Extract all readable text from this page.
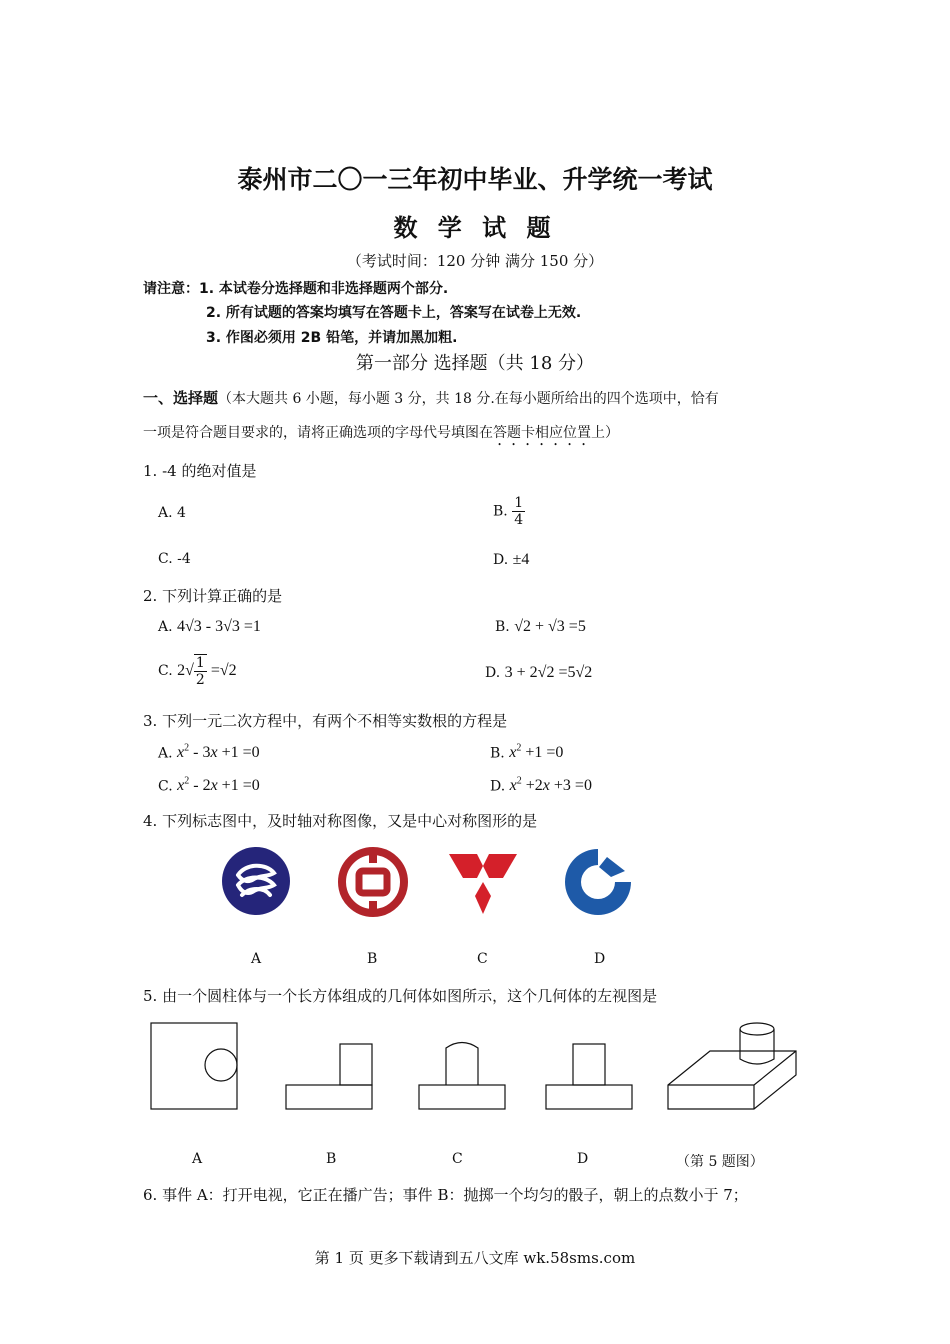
泰州市二〇一三年初中毕业、升学统一考试
数 学 试 题
（考试时间：120 分钟 满分 150 分）
请注意：1. 本试卷分选择题和非选择题两个部分.
2. 所有试题的答案均填写在答题卡上，答案写在试卷上无效.
3. 作图必须用 2B 铅笔，并请加黑加粗.
第一部分 选择题（共 18 分）
一、选择题（本大题共 6 小题，每小题 3 分，共 18 分.在每小题所给出的四个选项中，恰有
一项是符合题目要求的，请将正确选项的字母代号填图在答题卡相应位置上）
1. -4 的绝对值是
A. 4	B. $\frac{1}{4}$
C. -4	D. ±4
2. 下列计算正确的是
A. 4√3 - 3√3 =1	B. √2 + √3 =5
C. $2√ \frac{1}{2} =√2$	D. 3 + 2√2 =5√2
3. 下列一元二次方程中，有两个不相等实数根的方程是
A. $x^2 - 3x +1 =0$	B. $x^2 +1 =0$
C. $x^2 - 2x +1 =0$	D. $x^2 +2x +3 =0$
4. 下列标志图中，及时轴对称图像，又是中心对称图形的是
A	B	C	D
5. 由一个圆柱体与一个长方体组成的几何体如图所示，这个几何体的左视图是
A	B	C	D	（第 5 题图）
6. 事件 A：打开电视，它正在播广告；事件 B：抛掷一个均匀的骰子，朝上的点数小于 7；
第 1 页 更多下载请到五八文库 wk.58sms.com
